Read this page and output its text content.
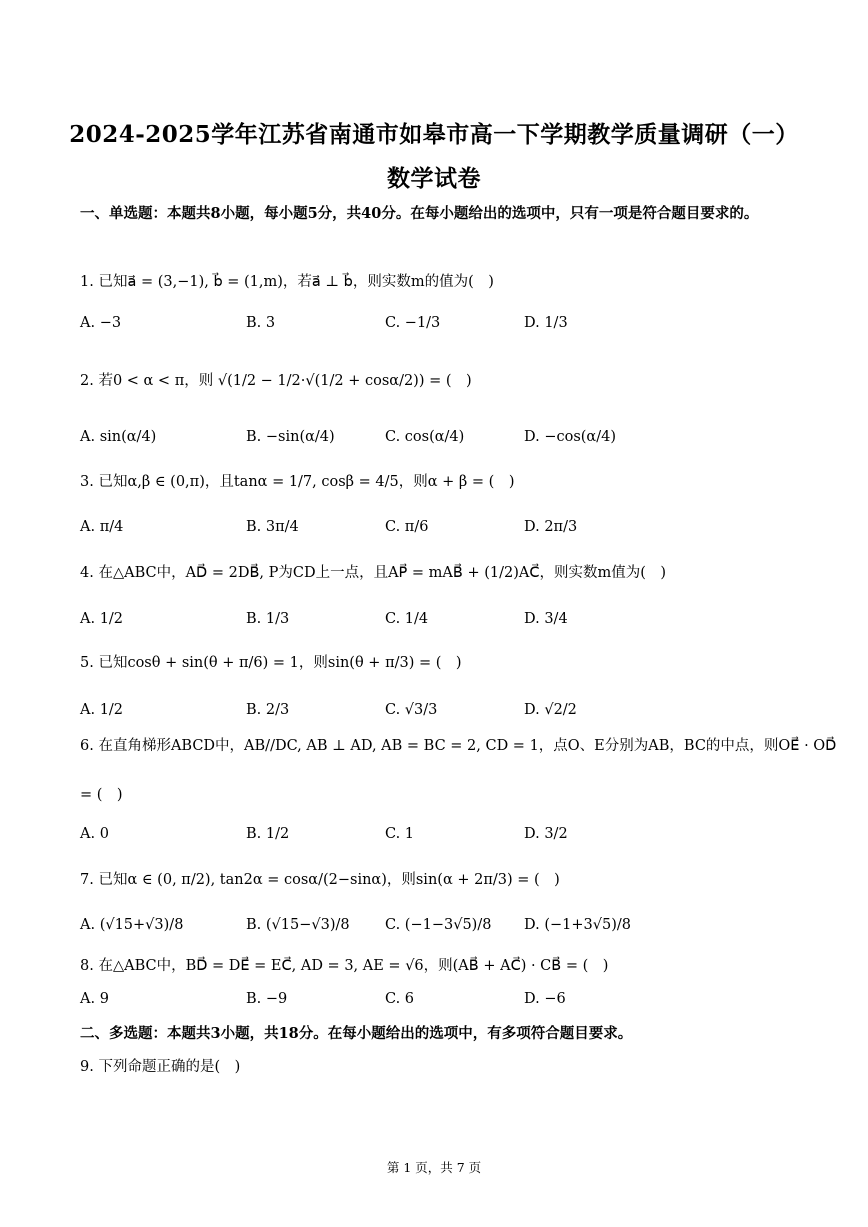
2024-2025学年江苏省南通市如皋市高一下学期教学质量调研（一）
数学试卷
一、单选题：本题共8小题，每小题5分，共40分。在每小题给出的选项中，只有一项是符合题目要求的。
1. 已知a⃗ = (3,−1), b⃗ = (1,m)，若a⃗ ⊥ b⃗，则实数m的值为(　)
A. −3	B. 3	C. −1/3	D. 1/3
2. 若0 < α < π，则 √(1/2 − 1/2·√(1/2 + cosα/2)) = (　)
A. sin(α/4)	B. −sin(α/4)	C. cos(α/4)	D. −cos(α/4)
3. 已知α,β ∈ (0,π)，且tanα = 1/7, cosβ = 4/5，则α + β = (　)
A. π/4	B. 3π/4	C. π/6	D. 2π/3
4. 在△ABC中，AD⃗ = 2DB⃗, P为CD上一点，且AP⃗ = mAB⃗ + (1/2)AC⃗，则实数m值为(　)
A. 1/2	B. 1/3	C. 1/4	D. 3/4
5. 已知cosθ + sin(θ + π/6) = 1，则sin(θ + π/3) = (　)
A. 1/2	B. 2/3	C. √3/3	D. √2/2
6. 在直角梯形ABCD中，AB//DC, AB ⊥ AD, AB = BC = 2, CD = 1，点O、E分别为AB，BC的中点，则OE⃗ · OD⃗
= (　)
A. 0	B. 1/2	C. 1	D. 3/2
7. 已知α ∈ (0, π/2), tan2α = cosα/(2−sinα)，则sin(α + 2π/3) = (　)
A. (√15+√3)/8	B. (√15−√3)/8 C. (−1−3√5)/8 D. (−1+3√5)/8
8. 在△ABC中，BD⃗ = DE⃗ = EC⃗, AD = 3, AE = √6，则(AB⃗ + AC⃗) · CB⃗ = (　)
A. 9	B. −9	C. 6	D. −6
二、多选题：本题共3小题，共18分。在每小题给出的选项中，有多项符合题目要求。
9. 下列命题正确的是(　)
第 1 页，共 7 页
